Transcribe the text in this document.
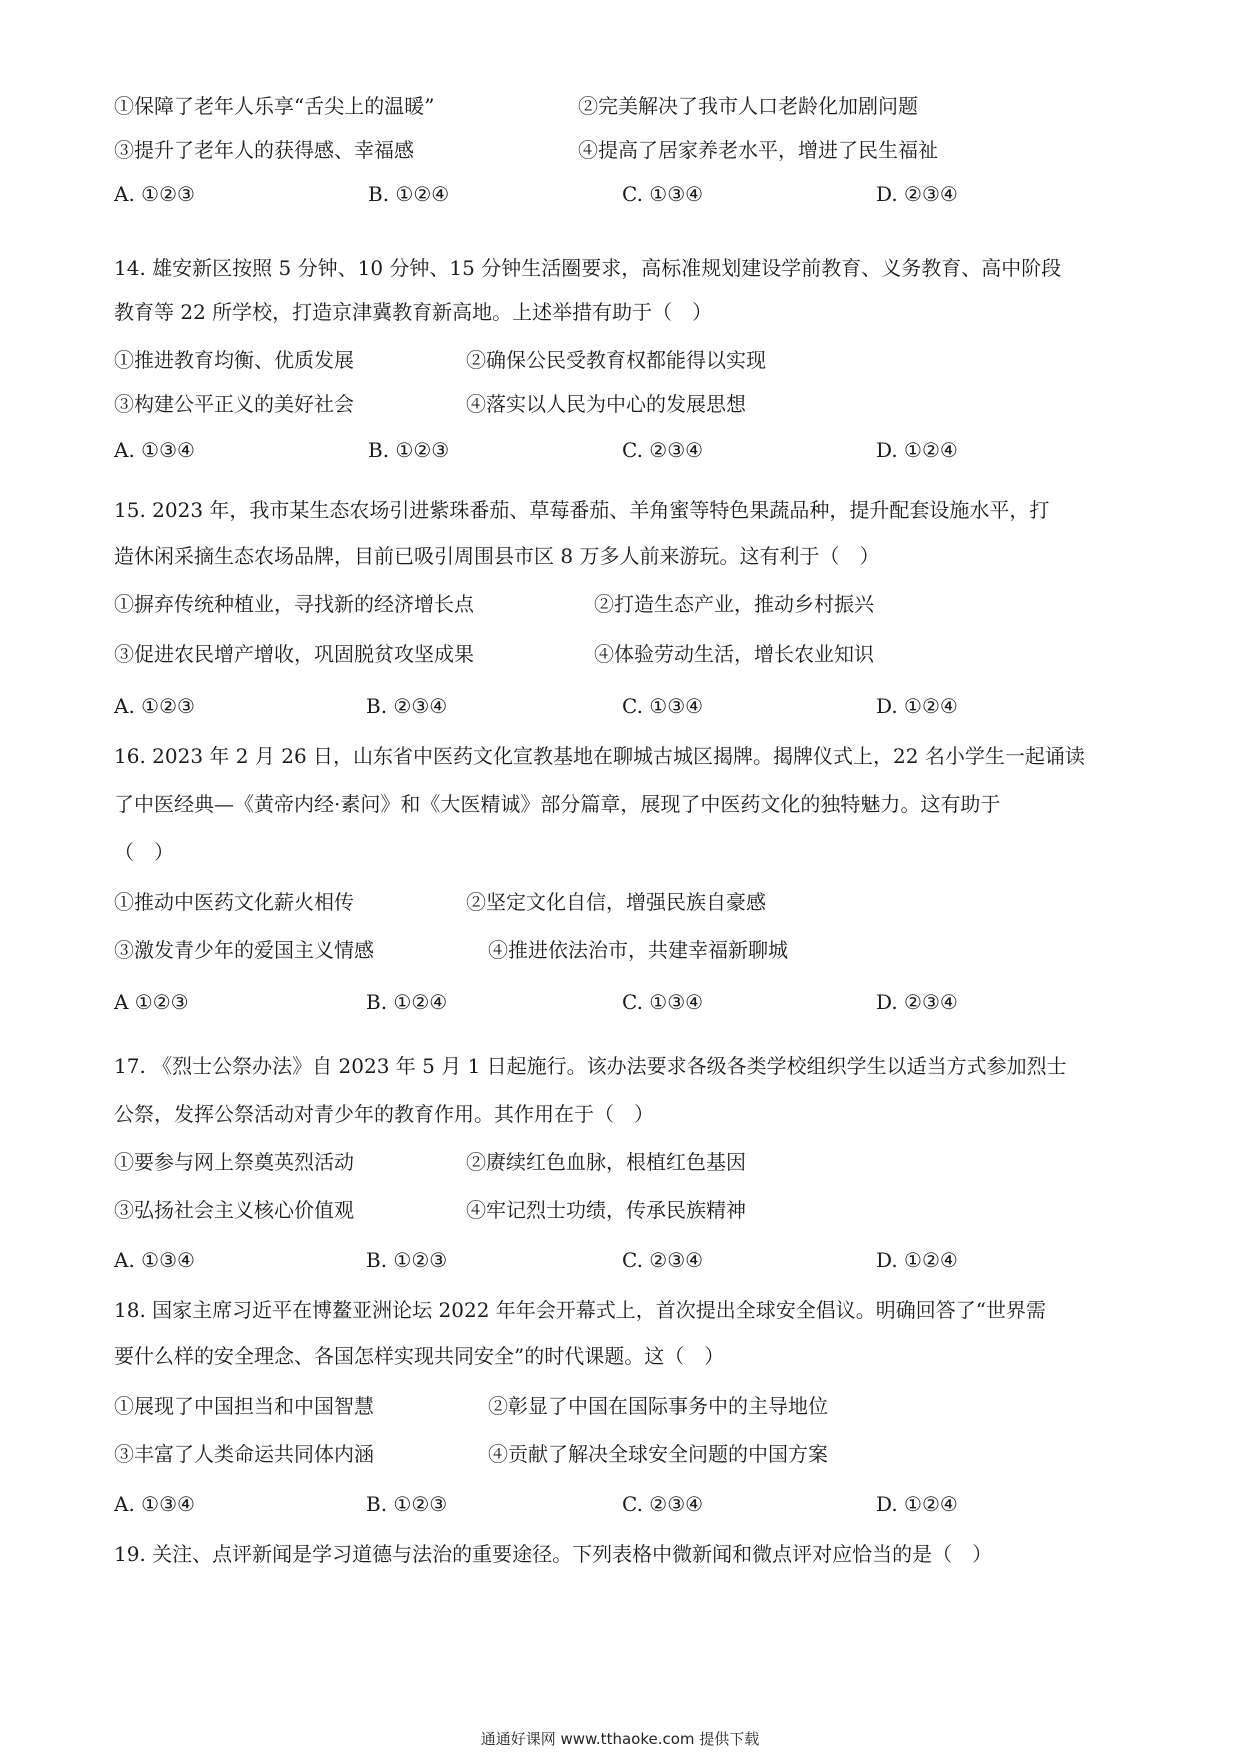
①保障了老年人乐享“舌尖上的温暖”	②完美解决了我市人口老龄化加剧问题
③提升了老年人的获得感、幸福感	④提高了居家养老水平，增进了民生福祉
A. ①②③	B. ①②④	C. ①③④	D. ②③④
14. 雄安新区按照 5 分钟、10 分钟、15 分钟生活圈要求，高标准规划建设学前教育、义务教育、高中阶段
教育等 22 所学校，打造京津冀教育新高地。上述举措有助于（　）
①推进教育均衡、优质发展	②确保公民受教育权都能得以实现
③构建公平正义的美好社会	④落实以人民为中心的发展思想
A. ①③④	B. ①②③	C. ②③④	D. ①②④
15. 2023 年，我市某生态农场引进紫珠番茄、草莓番茄、羊角蜜等特色果蔬品种，提升配套设施水平，打
造休闲采摘生态农场品牌，目前已吸引周围县市区 8 万多人前来游玩。这有利于（　）
①摒弃传统种植业，寻找新的经济增长点	②打造生态产业，推动乡村振兴
③促进农民增产增收，巩固脱贫攻坚成果	④体验劳动生活，增长农业知识
A. ①②③	B. ②③④	C. ①③④	D. ①②④
16. 2023 年 2 月 26 日，山东省中医药文化宣教基地在聊城古城区揭牌。揭牌仪式上，22 名小学生一起诵读
了中医经典—《黄帝内经·素问》和《大医精诚》部分篇章，展现了中医药文化的独特魅力。这有助于
（　）
①推动中医药文化薪火相传	②坚定文化自信，增强民族自豪感
③激发青少年的爱国主义情感	④推进依法治市，共建幸福新聊城
A ①②③	B. ①②④	C. ①③④	D. ②③④
17. 《烈士公祭办法》自 2023 年 5 月 1 日起施行。该办法要求各级各类学校组织学生以适当方式参加烈士
公祭，发挥公祭活动对青少年的教育作用。其作用在于（　）
①要参与网上祭奠英烈活动	②赓续红色血脉，根植红色基因
③弘扬社会主义核心价值观	④牢记烈士功绩，传承民族精神
A. ①③④	B. ①②③	C. ②③④	D. ①②④
18. 国家主席习近平在博鳌亚洲论坛 2022 年年会开幕式上，首次提出全球安全倡议。明确回答了“世界需
要什么样的安全理念、各国怎样实现共同安全”的时代课题。这（　）
①展现了中国担当和中国智慧	②彰显了中国在国际事务中的主导地位
③丰富了人类命运共同体内涵	④贡献了解决全球安全问题的中国方案
A. ①③④	B. ①②③	C. ②③④	D. ①②④
19. 关注、点评新闻是学习道德与法治的重要途径。下列表格中微新闻和微点评对应恰当的是（　）
通通好课网 www.tthaoke.com 提供下载
